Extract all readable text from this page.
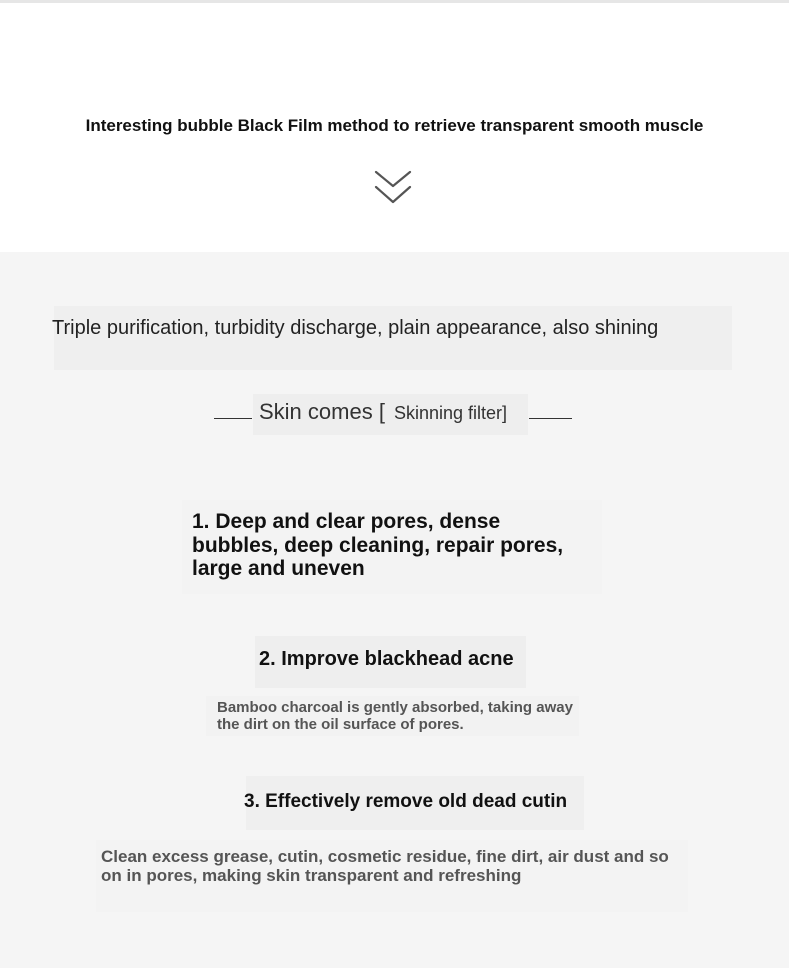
Interesting bubble Black Film method to retrieve transparent smooth muscle
Triple purification, turbidity discharge, plain appearance, also shining
Skin comes [ Skinning filter]
1. Deep and clear pores, dense bubbles, deep cleaning, repair pores, large and uneven
2. Improve blackhead acne
Bamboo charcoal is gently absorbed, taking away the dirt on the oil surface of pores.
3. Effectively remove old dead cutin
Clean excess grease, cutin, cosmetic residue, fine dirt, air dust and so on in pores, making skin transparent and refreshing
